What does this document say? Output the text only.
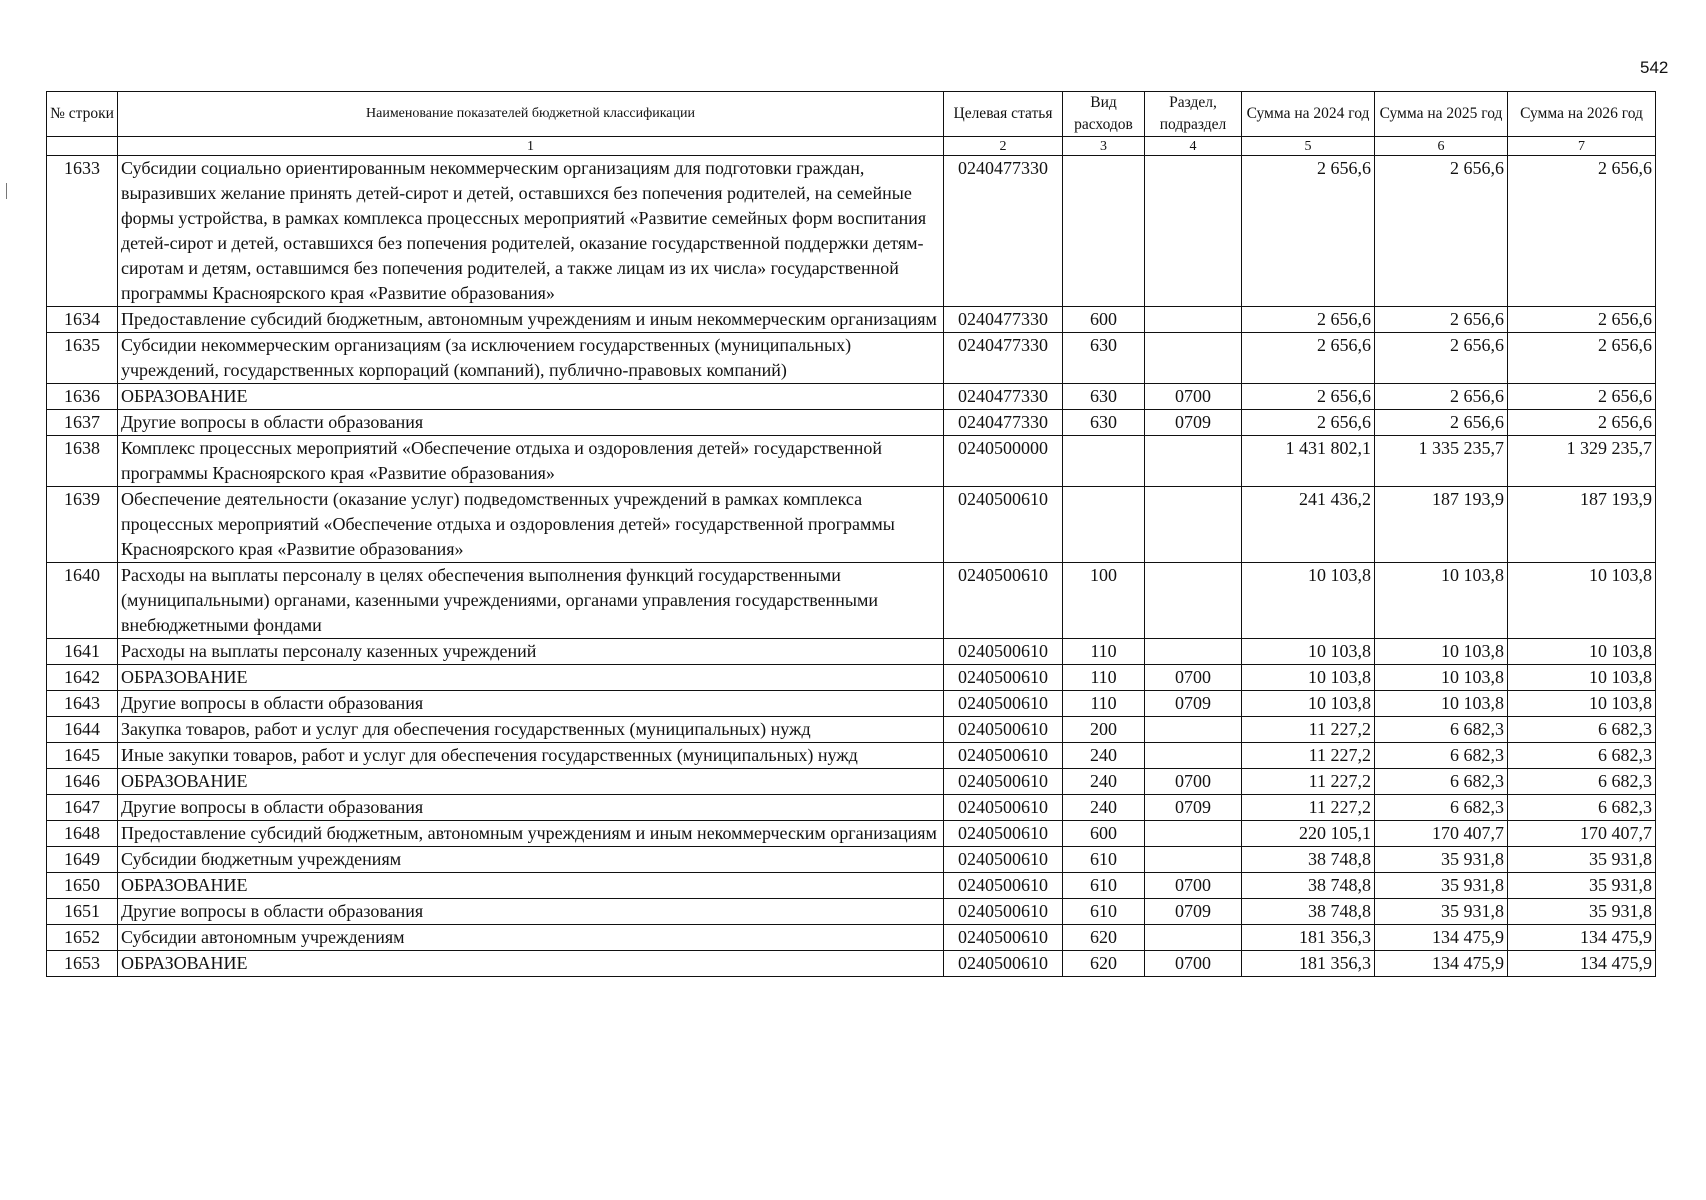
542
№ строки	Наименование показателей бюджетной классификации	Целевая статья	Вид расходов	Раздел, подраздел	Сумма на 2024 год	Сумма на 2025 год	Сумма на 2026 год
	1	2	3	4	5	6	7
1633	Субсидии социально ориентированным некоммерческим организациям для подготовки граждан, выразивших желание принять детей-сирот и детей, оставшихся без попечения родителей, на семейные формы устройства, в рамках комплекса процессных мероприятий «Развитие семейных форм воспитания детей-сирот и детей, оставшихся без попечения родителей, оказание государственной поддержки детям-сиротам и детям, оставшимся без попечения родителей, а также лицам из их числа» государственной программы Красноярского края «Развитие образования»	0240477330			2 656,6	2 656,6	2 656,6
1634	Предоставление субсидий бюджетным, автономным учреждениям и иным некоммерческим организациям	0240477330	600		2 656,6	2 656,6	2 656,6
1635	Субсидии некоммерческим организациям (за исключением государственных (муниципальных) учреждений, государственных корпораций (компаний), публично-правовых компаний)	0240477330	630		2 656,6	2 656,6	2 656,6
1636	ОБРАЗОВАНИЕ	0240477330	630	0700	2 656,6	2 656,6	2 656,6
1637	Другие вопросы в области образования	0240477330	630	0709	2 656,6	2 656,6	2 656,6
1638	Комплекс процессных мероприятий «Обеспечение отдыха и оздоровления детей» государственной программы Красноярского края «Развитие образования»	0240500000			1 431 802,1	1 335 235,7	1 329 235,7
1639	Обеспечение деятельности (оказание услуг) подведомственных учреждений в рамках комплекса процессных мероприятий «Обеспечение отдыха и оздоровления детей» государственной программы Красноярского края «Развитие образования»	0240500610			241 436,2	187 193,9	187 193,9
1640	Расходы на выплаты персоналу в целях обеспечения выполнения функций государственными (муниципальными) органами, казенными учреждениями, органами управления государственными внебюджетными фондами	0240500610	100		10 103,8	10 103,8	10 103,8
1641	Расходы на выплаты персоналу казенных учреждений	0240500610	110		10 103,8	10 103,8	10 103,8
1642	ОБРАЗОВАНИЕ	0240500610	110	0700	10 103,8	10 103,8	10 103,8
1643	Другие вопросы в области образования	0240500610	110	0709	10 103,8	10 103,8	10 103,8
1644	Закупка товаров, работ и услуг для обеспечения государственных (муниципальных) нужд	0240500610	200		11 227,2	6 682,3	6 682,3
1645	Иные закупки товаров, работ и услуг для обеспечения государственных (муниципальных) нужд	0240500610	240		11 227,2	6 682,3	6 682,3
1646	ОБРАЗОВАНИЕ	0240500610	240	0700	11 227,2	6 682,3	6 682,3
1647	Другие вопросы в области образования	0240500610	240	0709	11 227,2	6 682,3	6 682,3
1648	Предоставление субсидий бюджетным, автономным учреждениям и иным некоммерческим организациям	0240500610	600		220 105,1	170 407,7	170 407,7
1649	Субсидии бюджетным учреждениям	0240500610	610		38 748,8	35 931,8	35 931,8
1650	ОБРАЗОВАНИЕ	0240500610	610	0700	38 748,8	35 931,8	35 931,8
1651	Другие вопросы в области образования	0240500610	610	0709	38 748,8	35 931,8	35 931,8
1652	Субсидии автономным учреждениям	0240500610	620		181 356,3	134 475,9	134 475,9
1653	ОБРАЗОВАНИЕ	0240500610	620	0700	181 356,3	134 475,9	134 475,9
